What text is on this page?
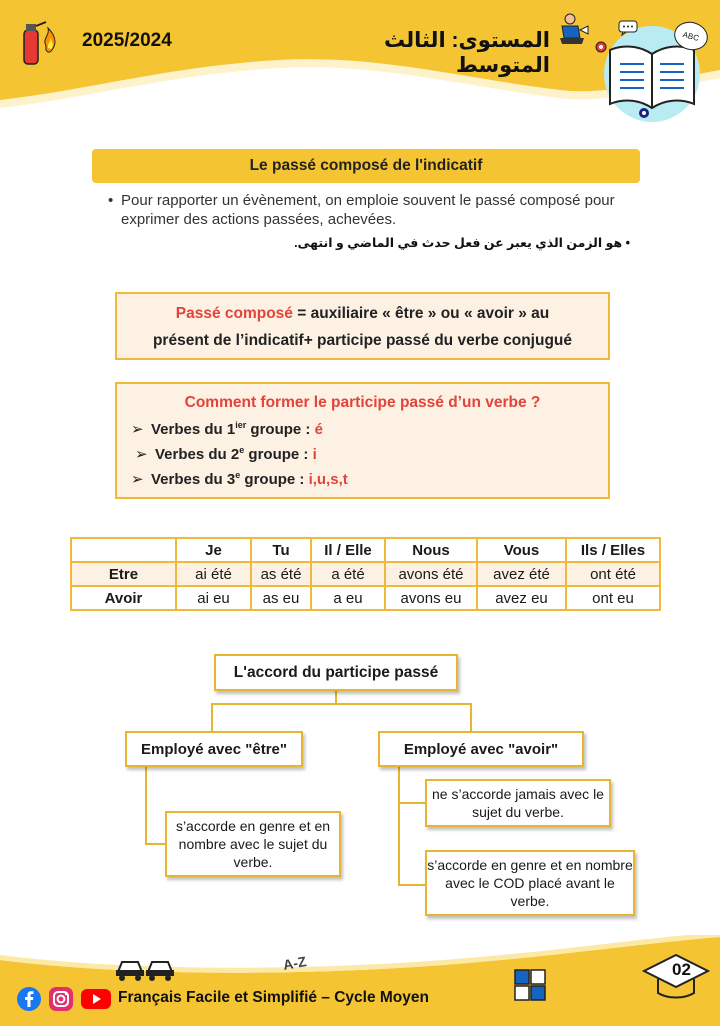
2025/2024	المستوى: الثالث المتوسط
ABC
Le passé composé de l'indicatif
• Pour rapporter un évènement, on emploie souvent le passé composé pour exprimer des actions passées, achevées.
• هو الزمن الذي يعبر عن فعل حدث في الماضي و انتهى.
Passé composé = auxiliaire « être » ou « avoir » au
présent de l’indicatif+ participe passé du verbe conjugué
Comment former le participe passé d’un verbe ?
➢ Verbes du $1^{ier}$ groupe : é
➢ Verbes du 2e groupe : i
➢ Verbes du 3e groupe : i,u,s,t
	Je	Tu	Il / Elle	Nous	Vous	Ils / Elles
Etre	ai été	as été	a été	avons été	avez été	ont été
Avoir	ai eu	as eu	a eu	avons eu	avez eu	ont eu
L'accord du participe passé
Employé avec "être"	Employé avec "avoir"
s’accorde en genre et en nombre avec le sujet du verbe.
ne s’accorde jamais avec le sujet du verbe.
s’accorde en genre et en nombre avec le COD placé avant le verbe.
A-Z	02
Français Facile et Simplifié – Cycle Moyen
